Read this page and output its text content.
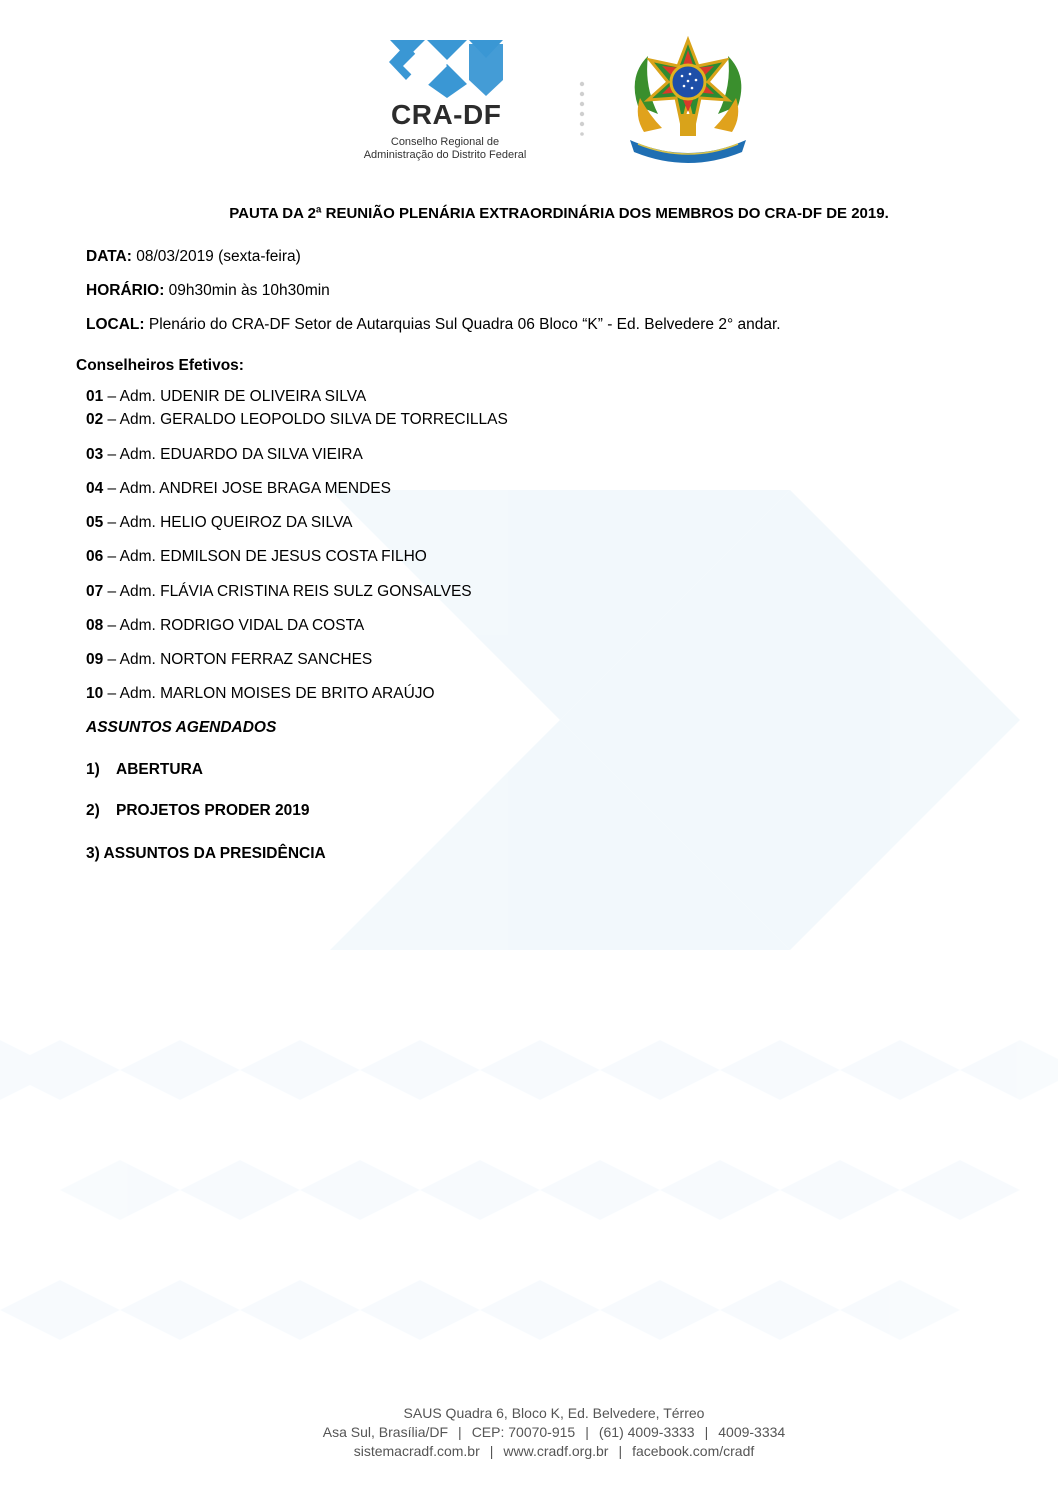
CRA-DF
Conselho Regional de
Administração do Distrito Federal
PAUTA DA 2ª REUNIÃO PLENÁRIA EXTRAORDINÁRIA DOS MEMBROS DO CRA-DF DE 2019.
DATA: 08/03/2019 (sexta-feira)
HORÁRIO: 09h30min às 10h30min
LOCAL: Plenário do CRA-DF Setor de Autarquias Sul Quadra 06 Bloco “K” - Ed. Belvedere 2° andar.
Conselheiros Efetivos:
01 – Adm. UDENIR DE OLIVEIRA SILVA
02 – Adm. GERALDO LEOPOLDO SILVA DE TORRECILLAS
03 – Adm. EDUARDO DA SILVA VIEIRA
04 – Adm. ANDREI JOSE BRAGA MENDES
05 – Adm. HELIO QUEIROZ DA SILVA
06 – Adm. EDMILSON DE JESUS COSTA FILHO
07 – Adm. FLÁVIA CRISTINA REIS SULZ GONSALVES
08 – Adm. RODRIGO VIDAL DA COSTA
09 – Adm. NORTON FERRAZ SANCHES
10 – Adm. MARLON MOISES DE BRITO ARAÚJO
ASSUNTOS AGENDADOS
1) ABERTURA
2) PROJETOS PRODER 2019
3) ASSUNTOS DA PRESIDÊNCIA
SAUS Quadra 6, Bloco K, Ed. Belvedere, Térreo
Asa Sul, Brasília/DF | CEP: 70070-915 | (61) 4009-3333 | 4009-3334
sistemacradf.com.br | www.cradf.org.br | facebook.com/cradf
